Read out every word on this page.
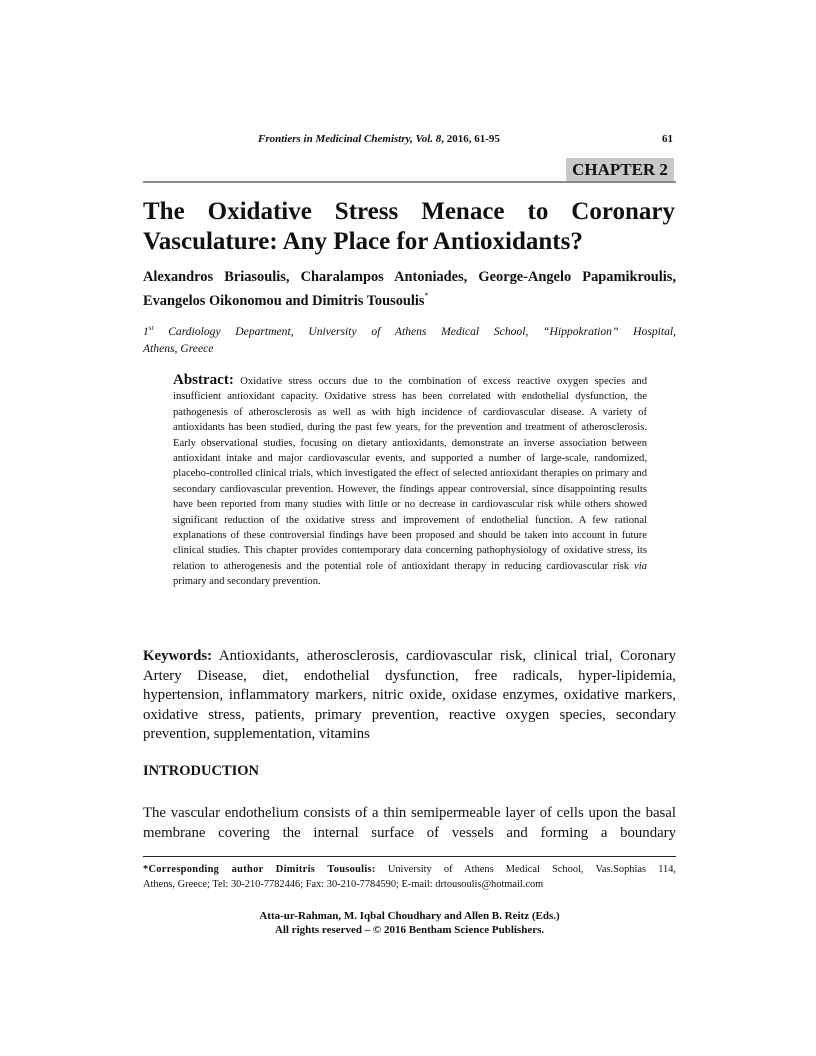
Frontiers in Medicinal Chemistry, Vol. 8, 2016, 61-95	61
CHAPTER 2
The Oxidative Stress Menace to Coronary
Vasculature: Any Place for Antioxidants?
Alexandros Briasoulis, Charalampos Antoniades, George-Angelo Papamikroulis,
Evangelos Oikonomou and Dimitris Tousoulis*
1st Cardiology Department, University of Athens Medical School, “Hippokration” Hospital,
Athens, Greece
Abstract: Oxidative stress occurs due to the combination of excess reactive oxygen species and insufficient antioxidant capacity. Oxidative stress has been correlated with endothelial dysfunction, the pathogenesis of atherosclerosis as well as with high incidence of cardiovascular disease. A variety of antioxidants has been studied, during the past few years, for the prevention and treatment of atherosclerosis. Early observational studies, focusing on dietary antioxidants, demonstrate an inverse association between antioxidant intake and major cardiovascular events, and supported a number of large-scale, randomized, placebo-controlled clinical trials, which investigated the effect of selected antioxidant therapies on primary and secondary cardiovascular prevention. However, the findings appear controversial, since disappointing results have been reported from many studies with little or no decrease in cardiovascular risk while others showed significant reduction of the oxidative stress and improvement of endothelial function. A few rational explanations of these controversial findings have been proposed and should be taken into account in future clinical studies. This chapter provides contemporary data concerning pathophysiology of oxidative stress, its relation to atherogenesis and the potential role of antioxidant therapy in reducing cardiovascular risk via primary and secondary prevention.
Keywords: Antioxidants, atherosclerosis, cardiovascular risk, clinical trial, Coronary Artery Disease, diet, endothelial dysfunction, free radicals, hyper-lipidemia, hypertension, inflammatory markers, nitric oxide, oxidase enzymes, oxidative markers, oxidative stress, patients, primary prevention, reactive oxygen species, secondary prevention, supplementation, vitamins
INTRODUCTION
The vascular endothelium consists of a thin semipermeable layer of cells upon the basal membrane covering the internal surface of vessels and forming a boundary
*Corresponding author Dimitris Tousoulis: University of Athens Medical School, Vas.Sophias 114,
Athens, Greece; Tel: 30-210-7782446; Fax: 30-210-7784590; E-mail: drtousoulis@hotmail.com
Atta-ur-Rahman, M. Iqbal Choudhary and Allen B. Reitz (Eds.)
All rights reserved – © 2016 Bentham Science Publishers.
